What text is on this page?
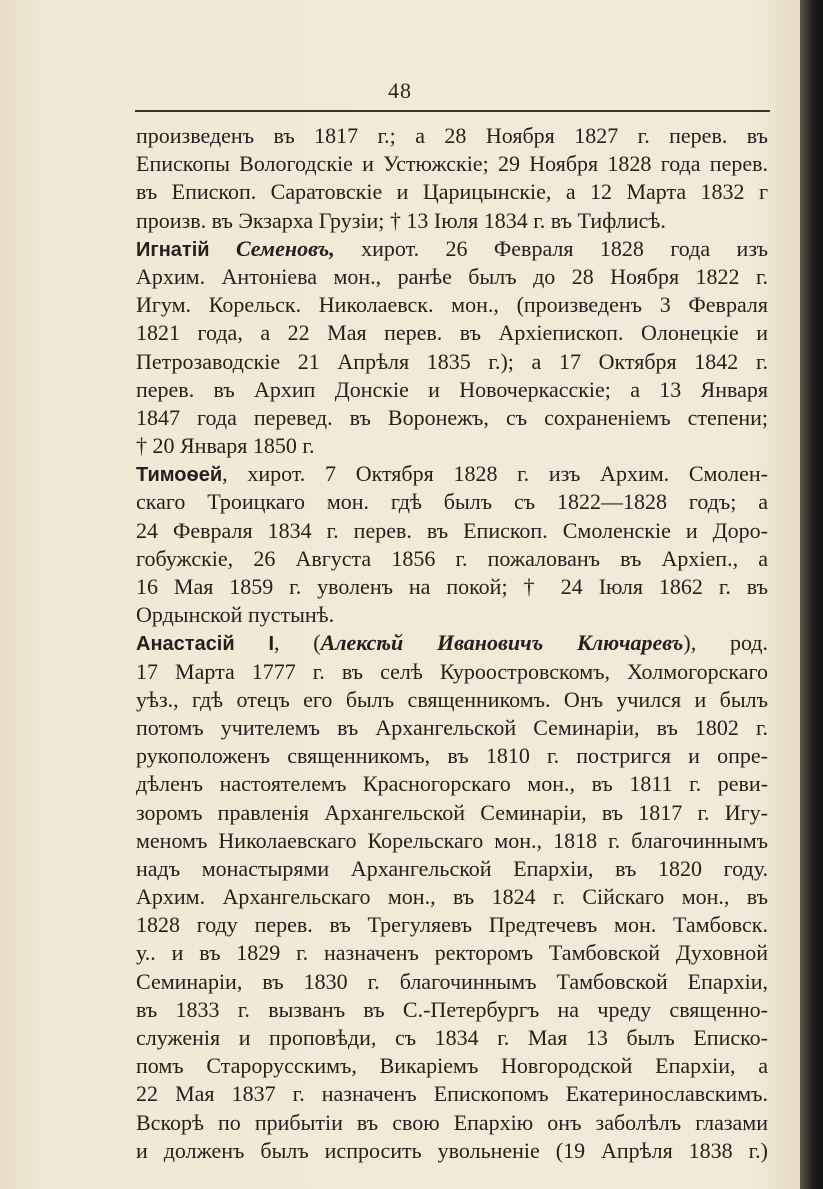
48
произведенъ въ 1817 г.; а 28 Ноября 1827 г. перев. въ
Епископы Вологодскіе и Устюжскіе; 29 Ноября 1828 года перев.
въ Епископ. Саратовскіе и Царицынскіе, а 12 Марта 1832 г
произв. въ Экзарха Грузіи; † 13 Іюля 1834 г. въ Тифлисѣ.
Игнатій Семеновъ, хирот. 26 Февраля 1828 года изъ
Архим. Антоніева мон., ранѣе былъ до 28 Ноября 1822 г.
Игум. Корельск. Николаевск. мон., (произведенъ 3 Февраля
1821 года, а 22 Мая перев. въ Архіепископ. Олонецкіе и
Петрозаводскіе 21 Апрѣля 1835 г.); а 17 Октября 1842 г.
перев. въ Архип Донскіе и Новочеркасскіе; а 13 Января
1847 года перевед. въ Воронежъ, съ сохраненіемъ степени;
† 20 Января 1850 г.
Тимоѳей, хирот. 7 Октября 1828 г. изъ Архим. Смолен-
скаго Троицкаго мон. гдѣ былъ съ 1822—1828 годъ; а
24 Февраля 1834 г. перев. въ Епископ. Смоленскіе и Доро-
гобужскіе, 26 Августа 1856 г. пожалованъ въ Архіеп., а
16 Мая 1859 г. уволенъ на покой; † 24 Іюля 1862 г. въ
Ордынской пустынѣ.
Анастасій I, (Алексѣй Ивановичъ Ключаревъ), род.
17 Марта 1777 г. въ селѣ Куроостровскомъ, Холмогорскаго
уѣз., гдѣ отецъ его былъ священникомъ. Онъ учился и былъ
потомъ учителемъ въ Архангельской Семинаріи, въ 1802 г.
рукоположенъ священникомъ, въ 1810 г. постригся и опре-
дѣленъ настоятелемъ Красногорскаго мон., въ 1811 г. реви-
зоромъ правленія Архангельской Семинаріи, въ 1817 г. Игу-
меномъ Николаевскаго Корельскаго мон., 1818 г. благочиннымъ
надъ монастырями Архангельской Епархіи, въ 1820 году.
Архим. Архангельскаго мон., въ 1824 г. Сійскаго мон., въ
1828 году перев. въ Трегуляевъ Предтечевъ мон. Тамбовск.
у.. и въ 1829 г. назначенъ ректоромъ Тамбовской Духовной
Семинаріи, въ 1830 г. благочиннымъ Тамбовской Епархіи,
въ 1833 г. вызванъ въ С.-Петербургъ на чреду священно-
служенія и проповѣди, съ 1834 г. Мая 13 былъ Еписко-
помъ Старорусскимъ, Викаріемъ Новгородской Епархіи, а
22 Мая 1837 г. назначенъ Епископомъ Екатеринославскимъ.
Вскорѣ по прибытіи въ свою Епархію онъ заболѣлъ глазами
и долженъ былъ испросить увольненіе (19 Апрѣля 1838 г.)
